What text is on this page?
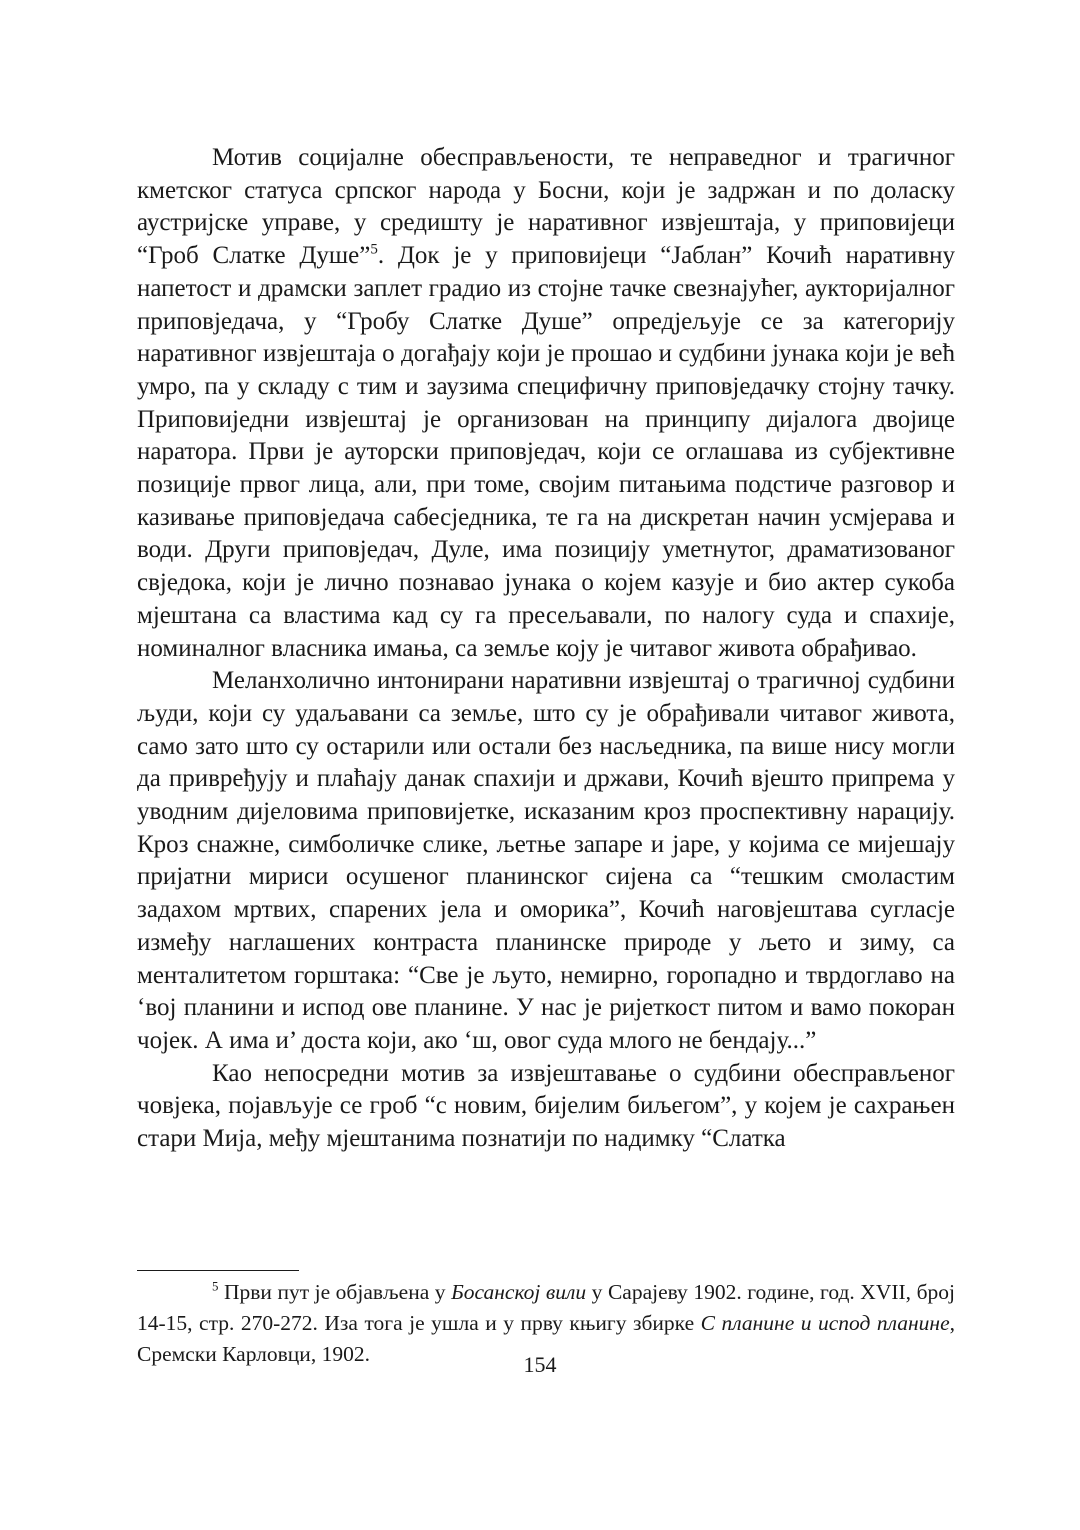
Мотив социјалне обесправљености, те неправедног и трагичног кметског статуса српског народа у Босни, који је задржан и по доласку аустријске управе, у средишту је наративног извјештаја, у приповијеци “Гроб Слатке Душе”$^5$. Док је у приповијеци “Јаблан” Кочић наративну напетост и драмски заплет градио из стојне тачке свезнајућег, аукторијалног приповједача, у “Гробу Слатке Душе” опредјељује се за категорију наративног извјештаја о догађају који је прошао и судбини јунака који је већ умро, па у складу с тим и заузима специфичну приповједачку стојну тачку. Приповиједни извјештај је организован на принципу дијалога двојице наратора. Први је ауторски приповједач, који се оглашава из субјективне позиције првог лица, али, при томе, својим питањима подстиче разговор и казивање приповједача сабесједника, те га на дискретан начин усмјерава и води. Други приповједач, Дуле, има позицију уметнутог, драматизованог свједока, који је лично познавао јунака о којем казује и био актер сукоба мјештана са властима кад су га пресељавали, по налогу суда и спахије, номиналног власника имања, са земље коју је читавог живота обрађивао.

Меланхолично интонирани наративни извјештај о трагичној судбини људи, који су удаљавани са земље, што су је обрађивали читавог живота, само зато што су остарили или остали без насљедника, па више нису могли да привређују и плаћају данак спахији и држави, Кочић вјешто припрема у уводним дијеловима приповијетке, исказаним кроз проспективну нарацију. Кроз снажне, симболичке слике, љетње запаре и јаре, у којима се миjешају пријатни мириси осушеног планинског сијена са “тешким смоластим задахом мртвих, спарених јела и оморика”, Кочић наговјештава сугласје између наглашених контраста планинске природе у љето и зиму, са менталитетом горштака: “Све је љуто, немирно, горопадно и тврдоглаво на ‘вој планини и испод ове планине. У нас је ријеткост питом и вамо покоран чојек. А има и’ доста који, ако ‘ш, овог суда млого не бендају...”

Као непосредни мотив за извјештавање о судбини обесправљеног човјека, појављује се гроб “с новим, бијелим биљегом”, у којем је сахрањен стари Мија, међу мјештанима познатији по надимку “Слатка

$^5$ Први пут је објављена у Босанској вили у Сарајеву 1902. године, год. XVII, број 14-15, стр. 270-272. Иза тога је ушла и у прву књигу збирке С планине и испод планине, Сремски Карловци, 1902.	154
